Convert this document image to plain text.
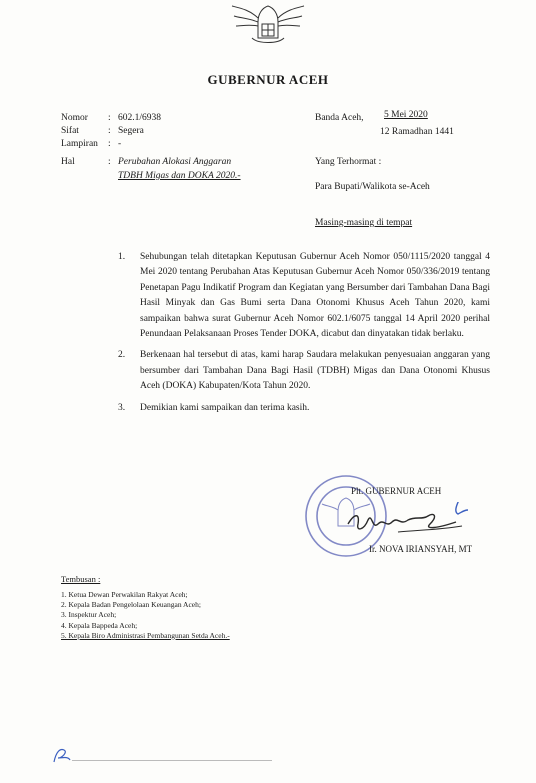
GUBERNUR ACEH
Nomor : 602.1/6938
Sifat	: Segera
Lampiran : -
Hal	: Perubahan Alokasi Anggaran
TDBH Migas dan DOKA 2020.-
Banda Aceh, 5 Mei 2020
12 Ramadhan 1441
Yang Terhormat :
Para Bupati/Walikota se-Aceh
Masing-masing di tempat
1.	Sehubungan telah ditetapkan Keputusan Gubernur Aceh Nomor 050/1115/2020 tanggal 4 Mei 2020 tentang Perubahan Atas Keputusan Gubernur Aceh Nomor 050/336/2019 tentang Penetapan Pagu Indikatif Program dan Kegiatan yang Bersumber dari Tambahan Dana Bagi Hasil Minyak dan Gas Bumi serta Dana Otonomi Khusus Aceh Tahun 2020, kami sampaikan bahwa surat Gubernur Aceh Nomor 602.1/6075 tanggal 14 April 2020 perihal Penundaan Pelaksanaan Proses Tender DOKA, dicabut dan dinyatakan tidak berlaku.
2.	Berkenaan hal tersebut di atas, kami harap Saudara melakukan penyesuaian anggaran yang bersumber dari Tambahan Dana Bagi Hasil (TDBH) Migas dan Dana Otonomi Khusus Aceh (DOKA) Kabupaten/Kota Tahun 2020.
3.	Demikian kami sampaikan dan terima kasih.
Plt. GUBERNUR ACEH
Ir. NOVA IRIANSYAH, MT
Tembusan :
1. Ketua Dewan Perwakilan Rakyat Aceh;
2. Kepala Badan Pengelolaan Keuangan Aceh;
3. Inspektur Aceh;
4. Kepala Bappeda Aceh;
5. Kepala Biro Administrasi Pembangunan Setda Aceh.-
